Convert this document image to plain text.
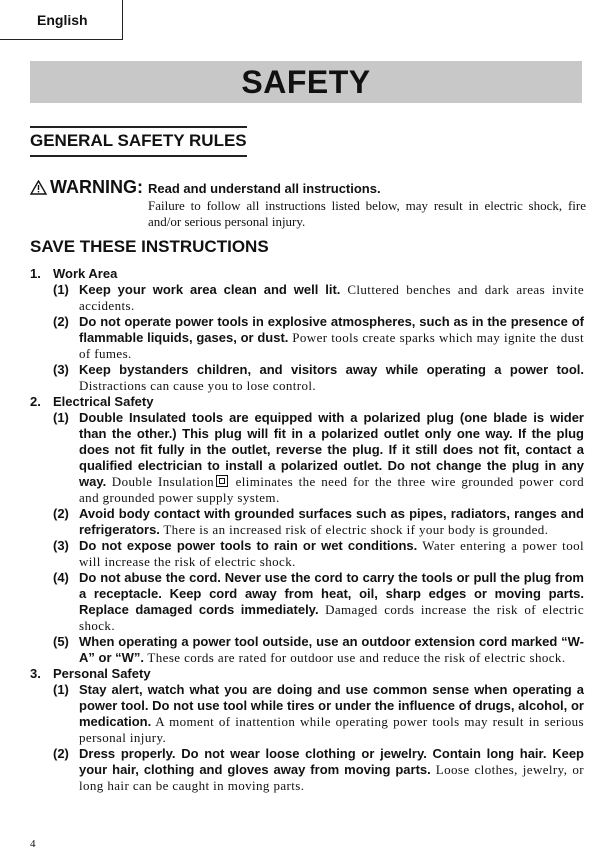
English
SAFETY
GENERAL SAFETY RULES
WARNING: Read and understand all instructions.
Failure to follow all instructions listed below, may result in electric shock, fire and/or serious personal injury.
SAVE THESE INSTRUCTIONS
1. Work Area
(1) Keep your work area clean and well lit. Cluttered benches and dark areas invite accidents.
(2) Do not operate power tools in explosive atmospheres, such as in the presence of flammable liquids, gases, or dust. Power tools create sparks which may ignite the dust of fumes.
(3) Keep bystanders children, and visitors away while operating a power tool. Distractions can cause you to lose control.
2. Electrical Safety
(1) Double Insulated tools are equipped with a polarized plug (one blade is wider than the other.) This plug will fit in a polarized outlet only one way. If the plug does not fit fully in the outlet, reverse the plug. If it still does not fit, contact a qualified electrician to install a polarized outlet. Do not change the plug in any way. Double Insulation
eliminates the need for the three wire grounded power cord and grounded power supply system.
(2) Avoid body contact with grounded surfaces such as pipes, radiators, ranges and refrigerators. There is an increased risk of electric shock if your body is grounded.
(3) Do not expose power tools to rain or wet conditions. Water entering a power tool will increase the risk of electric shock.
(4) Do not abuse the cord. Never use the cord to carry the tools or pull the plug from a receptacle. Keep cord away from heat, oil, sharp edges or moving parts. Replace damaged cords immediately. Damaged cords increase the risk of electric shock.
(5) When operating a power tool outside, use an outdoor extension cord marked “W-A” or “W”. These cords are rated for outdoor use and reduce the risk of electric shock.
3. Personal Safety
(1) Stay alert, watch what you are doing and use common sense when operating a power tool. Do not use tool while tires or under the influence of drugs, alcohol, or medication. A moment of inattention while operating power tools may result in serious personal injury.
(2) Dress properly. Do not wear loose clothing or jewelry. Contain long hair. Keep your hair, clothing and gloves away from moving parts. Loose clothes, jewelry, or long hair can be caught in moving parts.
4
